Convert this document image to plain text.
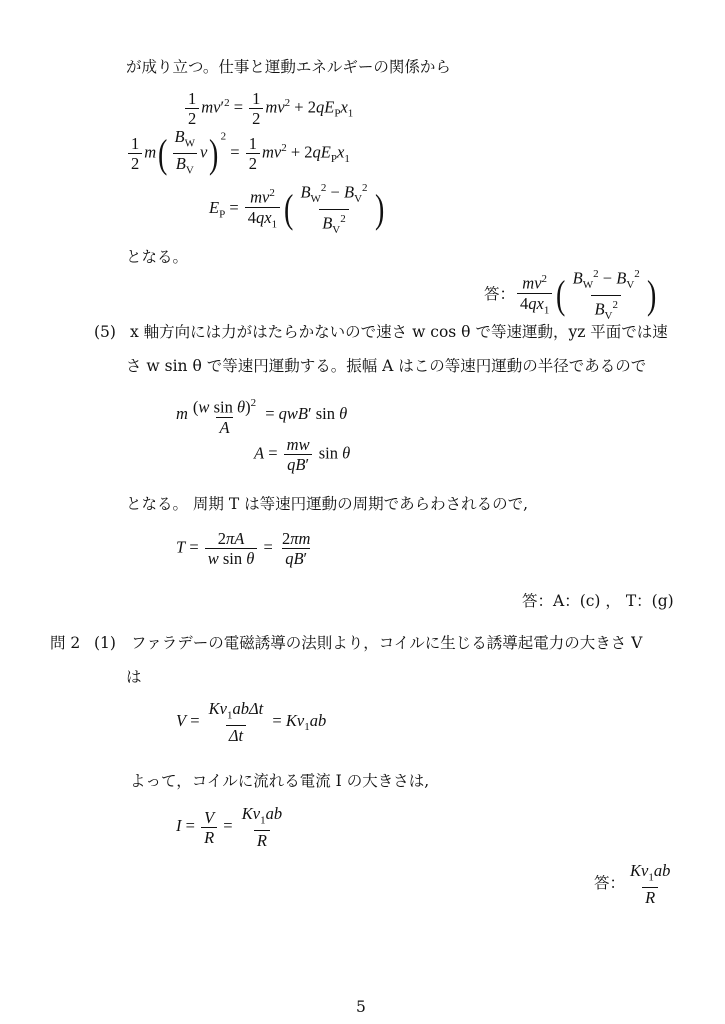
が成り立つ。仕事と運動エネルギーの関係から
$\frac{1}{2} mv'^2 = \frac{1}{2} mv^2 + 2qE_Px_1$
$\frac{1}{2} m( \frac{B_W}{B_V} v) ^2 = \frac{1}{2} mv^2 + 2qE_Px_1$
$E_P = \frac{mv^2}{4qx_1}$ ( $\frac{B_W^2 - B_V^2}{B_V^2}$ )
となる。
答： $\frac{mv^2}{4qx_1}$ ( $\frac{B_W^2 - B_V^2}{B_V^2}$ )
(5) x 軸方向には力がはたらかないので速さ w cos θ で等速運動，yz 平面では速
さ w sin θ で等速円運動する。振幅 A はこの等速円運動の半径であるので
m $\frac{(w \sin \theta)^2}{A} = qwB'$ sin θ
$A = \frac{mw}{qB'}$ sin θ
となる。 周期 T は等速円運動の周期であらわされるので,
$T = \frac{2\pi A}{\text{w sin θ}} = \frac{2\pi m}{qB'}$
答：A：(c) ， T：(g)
問 2 (1) ファラデーの電磁誘導の法則より，コイルに生じる誘導起電力の大きさ V
は
$V = \frac{Kv_1ab\Delta t}{\Delta t} = Kv_1ab$
よって，コイルに流れる電流 I の大きさは,
$I = \frac{V}{R} = \frac{Kv_1ab}{R}$
答： $\frac{Kv_1ab}{R}$
5
